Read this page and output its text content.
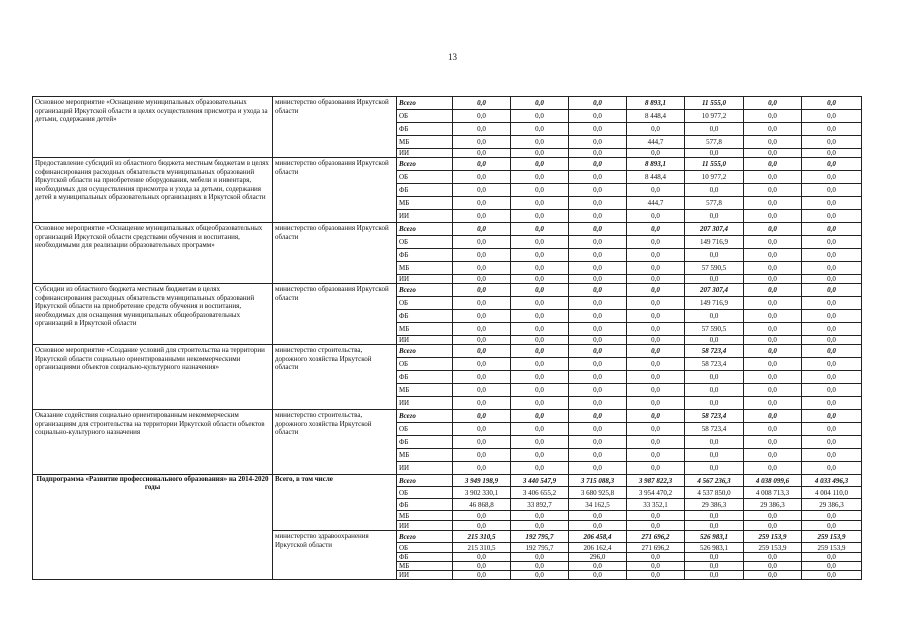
13
Основное мероприятие «Оснащение муниципальных образовательных организаций Иркутской области в целях осуществления присмотра и ухода за детьми, содержания детей»	министерство образования Иркутской области	Всего	0,0	0,0	0,0	8 893,1	11 555,0	0,0	0,0
		ОБ	0,0	0,0	0,0	8 448,4	10 977,2	0,0	0,0
		ФБ	0,0	0,0	0,0	0,0	0,0	0,0	0,0
		МБ	0,0	0,0	0,0	444,7	577,8	0,0	0,0
		ИИ	0,0	0,0	0,0	0,0	0,0	0,0	0,0
Предоставление субсидий из областного бюджета местным бюджетам в целях софинансирования расходных обязательств муниципальных образований Иркутской области на приобретение оборудования, мебели и инвентаря, необходимых для осуществления присмотра и ухода за детьми, содержания детей в муниципальных образовательных организациях в Иркутской области	министерство образования Иркутской области	Всего	0,0	0,0	0,0	8 893,1	11 555,0	0,0	0,0
		ОБ	0,0	0,0	0,0	8 448,4	10 977,2	0,0	0,0
		ФБ	0,0	0,0	0,0	0,0	0,0	0,0	0,0
		МБ	0,0	0,0	0,0	444,7	577,8	0,0	0,0
		ИИ	0,0	0,0	0,0	0,0	0,0	0,0	0,0
Основное мероприятие «Оснащение муниципальных общеобразовательных организаций Иркутской области средствами обучения и воспитания, необходимыми для реализации образовательных программ»	министерство образования Иркутской области	Всего	0,0	0,0	0,0	0,0	207 307,4	0,0	0,0
		ОБ	0,0	0,0	0,0	0,0	149 716,9	0,0	0,0
		ФБ	0,0	0,0	0,0	0,0	0,0	0,0	0,0
		МБ	0,0	0,0	0,0	0,0	57 590,5	0,0	0,0
		ИИ	0,0	0,0	0,0	0,0	0,0	0,0	0,0
Субсидии из областного бюджета местным бюджетам в целях софинансирования расходных обязательств муниципальных образований Иркутской области на приобретение средств обучения и воспитания, необходимых для оснащения муниципальных общеобразовательных организаций в Иркутской области	министерство образования Иркутской области	Всего	0,0	0,0	0,0	0,0	207 307,4	0,0	0,0
		ОБ	0,0	0,0	0,0	0,0	149 716,9	0,0	0,0
		ФБ	0,0	0,0	0,0	0,0	0,0	0,0	0,0
		МБ	0,0	0,0	0,0	0,0	57 590,5	0,0	0,0
		ИИ	0,0	0,0	0,0	0,0	0,0	0,0	0,0
Основное мероприятие «Создание условий для строительства на территории Иркутской области социально ориентированными некоммерческими организациями объектов социально-культурного назначения»	министерство строительства, дорожного хозяйства Иркутской области	Всего	0,0	0,0	0,0	0,0	58 723,4	0,0	0,0
		ОБ	0,0	0,0	0,0	0,0	58 723,4	0,0	0,0
		ФБ	0,0	0,0	0,0	0,0	0,0	0,0	0,0
		МБ	0,0	0,0	0,0	0,0	0,0	0,0	0,0
		ИИ	0,0	0,0	0,0	0,0	0,0	0,0	0,0
Оказание содействия социально ориентированным некоммерческим организациям для строительства на территории Иркутской области объектов социально-культурного назначения	министерство строительства, дорожного хозяйства Иркутской области	Всего	0,0	0,0	0,0	0,0	58 723,4	0,0	0,0
		ОБ	0,0	0,0	0,0	0,0	58 723,4	0,0	0,0
		ФБ	0,0	0,0	0,0	0,0	0,0	0,0	0,0
		МБ	0,0	0,0	0,0	0,0	0,0	0,0	0,0
		ИИ	0,0	0,0	0,0	0,0	0,0	0,0	0,0
Подпрограмма «Развитие профессионального образования» на 2014-2020 годы	Всего, в том числе	Всего	3 949 198,9	3 440 547,9	3 715 088,3	3 987 822,3	4 567 236,3	4 038 099,6	4 033 496,3
		ОБ	3 902 330,1	3 406 655,2	3 680 925,8	3 954 470,2	4 537 850,0	4 008 713,3	4 004 110,0
		ФБ	46 868,8	33 892,7	34 162,5	33 352,1	29 386,3	29 386,3	29 386,3
		МБ	0,0	0,0	0,0	0,0	0,0	0,0	0,0
		ИИ	0,0	0,0	0,0	0,0	0,0	0,0	0,0
	министерство здравоохранения Иркутской области	Всего	215 310,5	192 795,7	206 458,4	271 696,2	526 983,1	259 153,9	259 153,9
		ОБ	215 310,5	192 795,7	206 162,4	271 696,2	526 983,1	259 153,9	259 153,9
		ФБ	0,0	0,0	296,0	0,0	0,0	0,0	0,0
		МБ	0,0	0,0	0,0	0,0	0,0	0,0	0,0
		ИИ	0,0	0,0	0,0	0,0	0,0	0,0	0,0
